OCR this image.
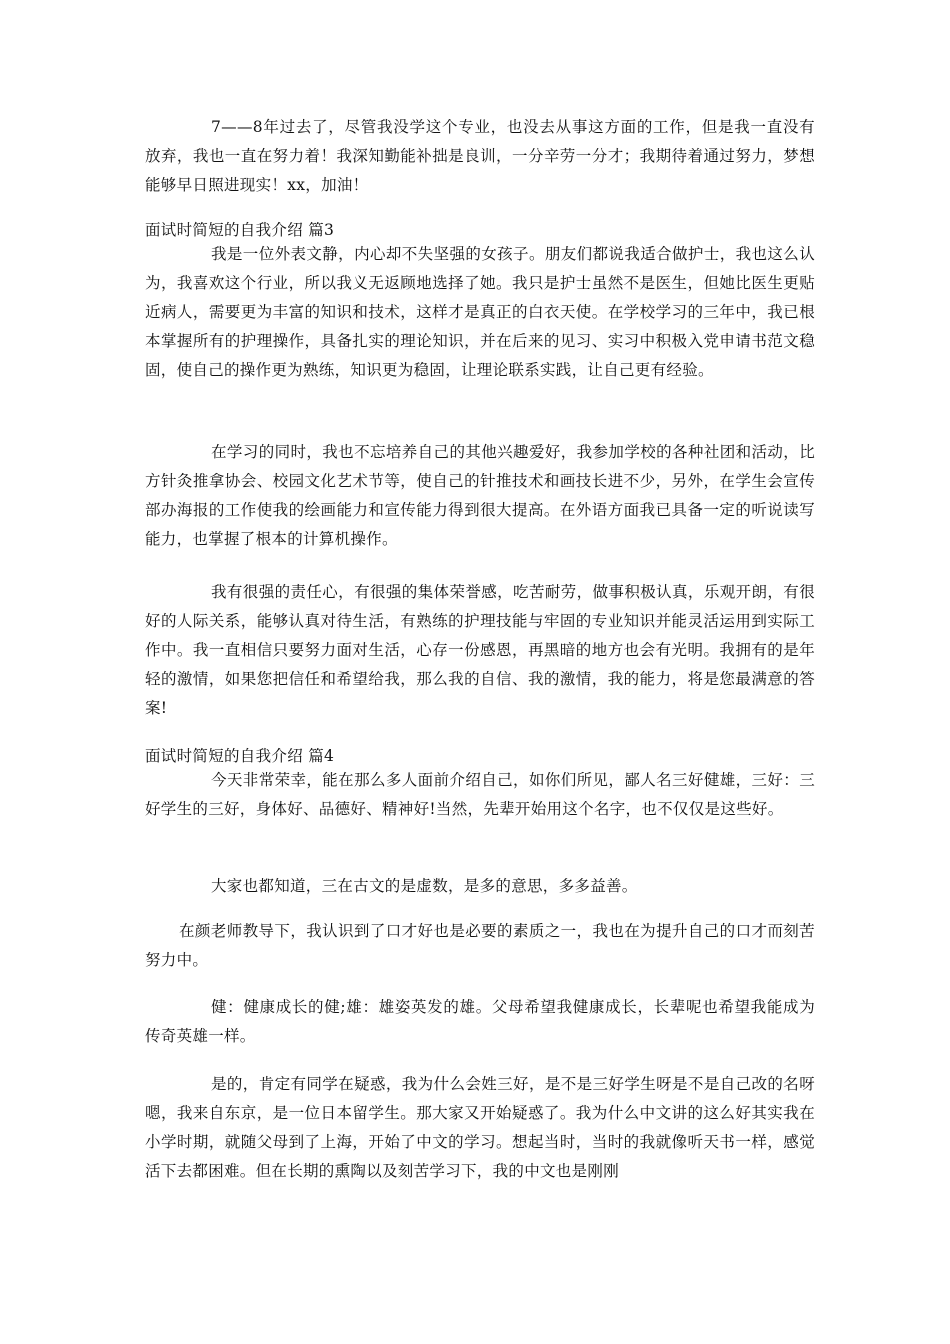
7——8年过去了，尽管我没学这个专业，也没去从事这方面的工作，但是我一直没有放弃，我也一直在努力着！我深知勤能补拙是良训，一分辛劳一分才；我期待着通过努力，梦想能够早日照进现实！xx，加油！

面试时简短的自我介绍 篇3

我是一位外表文静，内心却不失坚强的女孩子。朋友们都说我适合做护士，我也这么认为，我喜欢这个行业，所以我义无返顾地选择了她。我只是护士虽然不是医生，但她比医生更贴近病人，需要更为丰富的知识和技术，这样才是真正的白衣天使。在学校学习的三年中，我已根本掌握所有的护理操作，具备扎实的理论知识，并在后来的见习、实习中积极入党申请书范文稳固，使自己的操作更为熟练，知识更为稳固，让理论联系实践，让自己更有经验。

在学习的同时，我也不忘培养自己的其他兴趣爱好，我参加学校的各种社团和活动，比方针灸推拿协会、校园文化艺术节等，使自己的针推技术和画技长进不少，另外，在学生会宣传部办海报的工作使我的绘画能力和宣传能力得到很大提高。在外语方面我已具备一定的听说读写能力，也掌握了根本的计算机操作。

我有很强的责任心，有很强的集体荣誉感，吃苦耐劳，做事积极认真，乐观开朗，有很好的人际关系，能够认真对待生活，有熟练的护理技能与牢固的专业知识并能灵活运用到实际工作中。我一直相信只要努力面对生活，心存一份感恩，再黑暗的地方也会有光明。我拥有的是年轻的激情，如果您把信任和希望给我，那么我的自信、我的激情，我的能力，将是您最满意的答案!

面试时简短的自我介绍 篇4

今天非常荣幸，能在那么多人面前介绍自己，如你们所见，鄙人名三好健雄，三好：三好学生的三好，身体好、品德好、精神好!当然，先辈开始用这个名字，也不仅仅是这些好。

大家也都知道，三在古文的是虚数，是多的意思，多多益善。

在颜老师教导下，我认识到了口才好也是必要的素质之一，我也在为提升自己的口才而刻苦努力中。

健：健康成长的健;雄：雄姿英发的雄。父母希望我健康成长，长辈呢也希望我能成为传奇英雄一样。

是的，肯定有同学在疑惑，我为什么会姓三好，是不是三好学生呀是不是自己改的名呀嗯，我来自东京，是一位日本留学生。那大家又开始疑惑了。我为什么中文讲的这么好其实我在小学时期，就随父母到了上海，开始了中文的学习。想起当时，当时的我就像听天书一样，感觉活下去都困难。但在长期的熏陶以及刻苦学习下，我的中文也是刚刚
